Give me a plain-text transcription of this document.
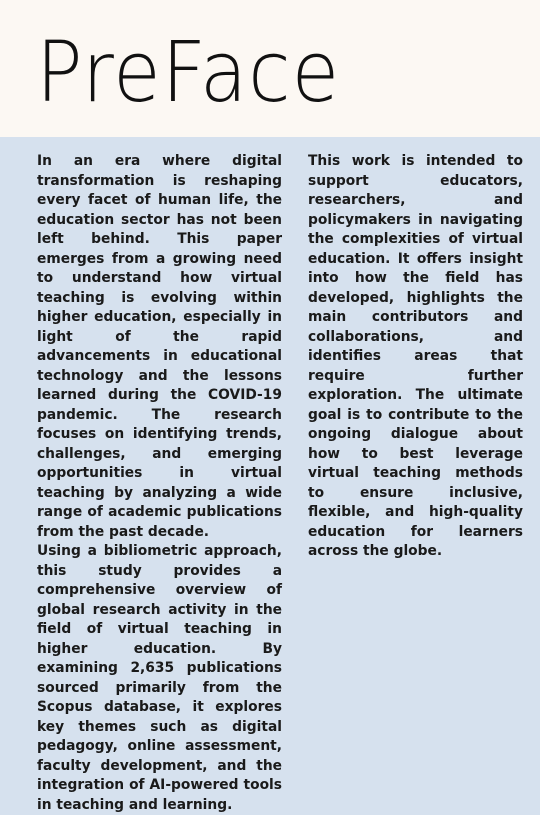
PreFace

In an era where digital transformation is reshaping every facet of human life, the education sector has not been left behind. This paper emerges from a growing need to understand how virtual teaching is evolving within higher education, especially in light of the rapid advancements in educational technology and the lessons learned during the COVID-19 pandemic. The research focuses on identifying trends, challenges, and emerging opportunities in virtual teaching by analyzing a wide range of academic publications from the past decade.

Using a bibliometric approach, this study provides a comprehensive overview of global research activity in the field of virtual teaching in higher education. By examining 2,635 publications sourced primarily from the Scopus database, it explores key themes such as digital pedagogy, online assessment, faculty development, and the integration of AI-powered tools in teaching and learning.

This work is intended to support educators, researchers, and policymakers in navigating the complexities of virtual education. It offers insight into how the field has developed, highlights the main contributors and collaborations, and identifies areas that require further exploration. The ultimate goal is to contribute to the ongoing dialogue about how to best leverage virtual teaching methods to ensure inclusive, flexible, and high-quality education for learners across the globe.
